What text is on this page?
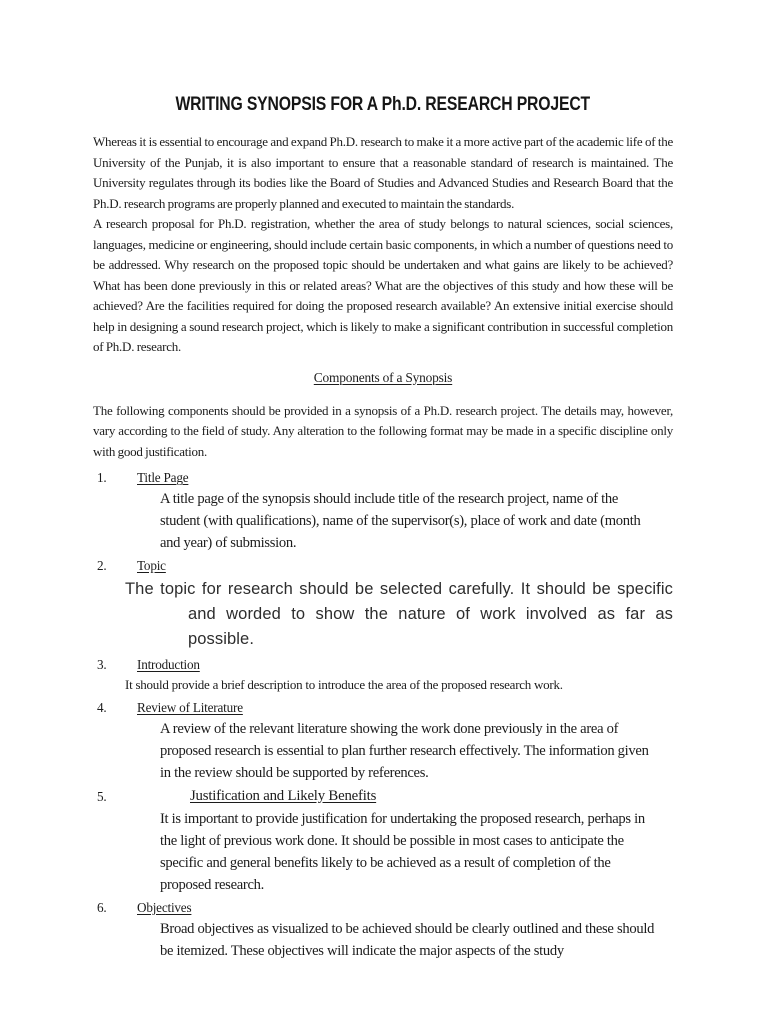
WRITING SYNOPSIS FOR A Ph.D. RESEARCH PROJECT

Whereas it is essential to encourage and expand Ph.D. research to make it a more active part of the academic life of the University of the Punjab, it is also important to ensure that a reasonable standard of research is maintained. The University regulates through its bodies like the Board of Studies and Advanced Studies and Research Board that the Ph.D. research programs are properly planned and executed to maintain the standards.

A research proposal for Ph.D. registration, whether the area of study belongs to natural sciences, social sciences, languages, medicine or engineering, should include certain basic components, in which a number of questions need to be addressed. Why research on the proposed topic should be undertaken and what gains are likely to be achieved? What has been done previously in this or related areas? What are the objectives of this study and how these will be achieved? Are the facilities required for doing the proposed research available? An extensive initial exercise should help in designing a sound research project, which is likely to make a significant contribution in successful completion of Ph.D. research.

Components of a Synopsis

The following components should be provided in a synopsis of a Ph.D. research project. The details may, however, vary according to the field of study. Any alteration to the following format may be made in a specific discipline only with good justification.

1.	Title Page

A title page of the synopsis should include title of the research project, name of the student (with qualifications), name of the supervisor(s), place of work and date (month and year) of submission.

2.	Topic

The topic for research should be selected carefully. It should be specific and worded to show the nature of work involved as far as possible.

3.	Introduction

It should provide a brief description to introduce the area of the proposed research work.

4.	Review of Literature

A review of the relevant literature showing the work done previously in the area of proposed research is essential to plan further research effectively. The information given in the review should be supported by references.

5.	Justification and Likely Benefits

It is important to provide justification for undertaking the proposed research, perhaps in the light of previous work done. It should be possible in most cases to anticipate the specific and general benefits likely to be achieved as a result of completion of the proposed research.

6.	Objectives

Broad objectives as visualized to be achieved should be clearly outlined and these should be itemized. These objectives will indicate the major aspects of the study
